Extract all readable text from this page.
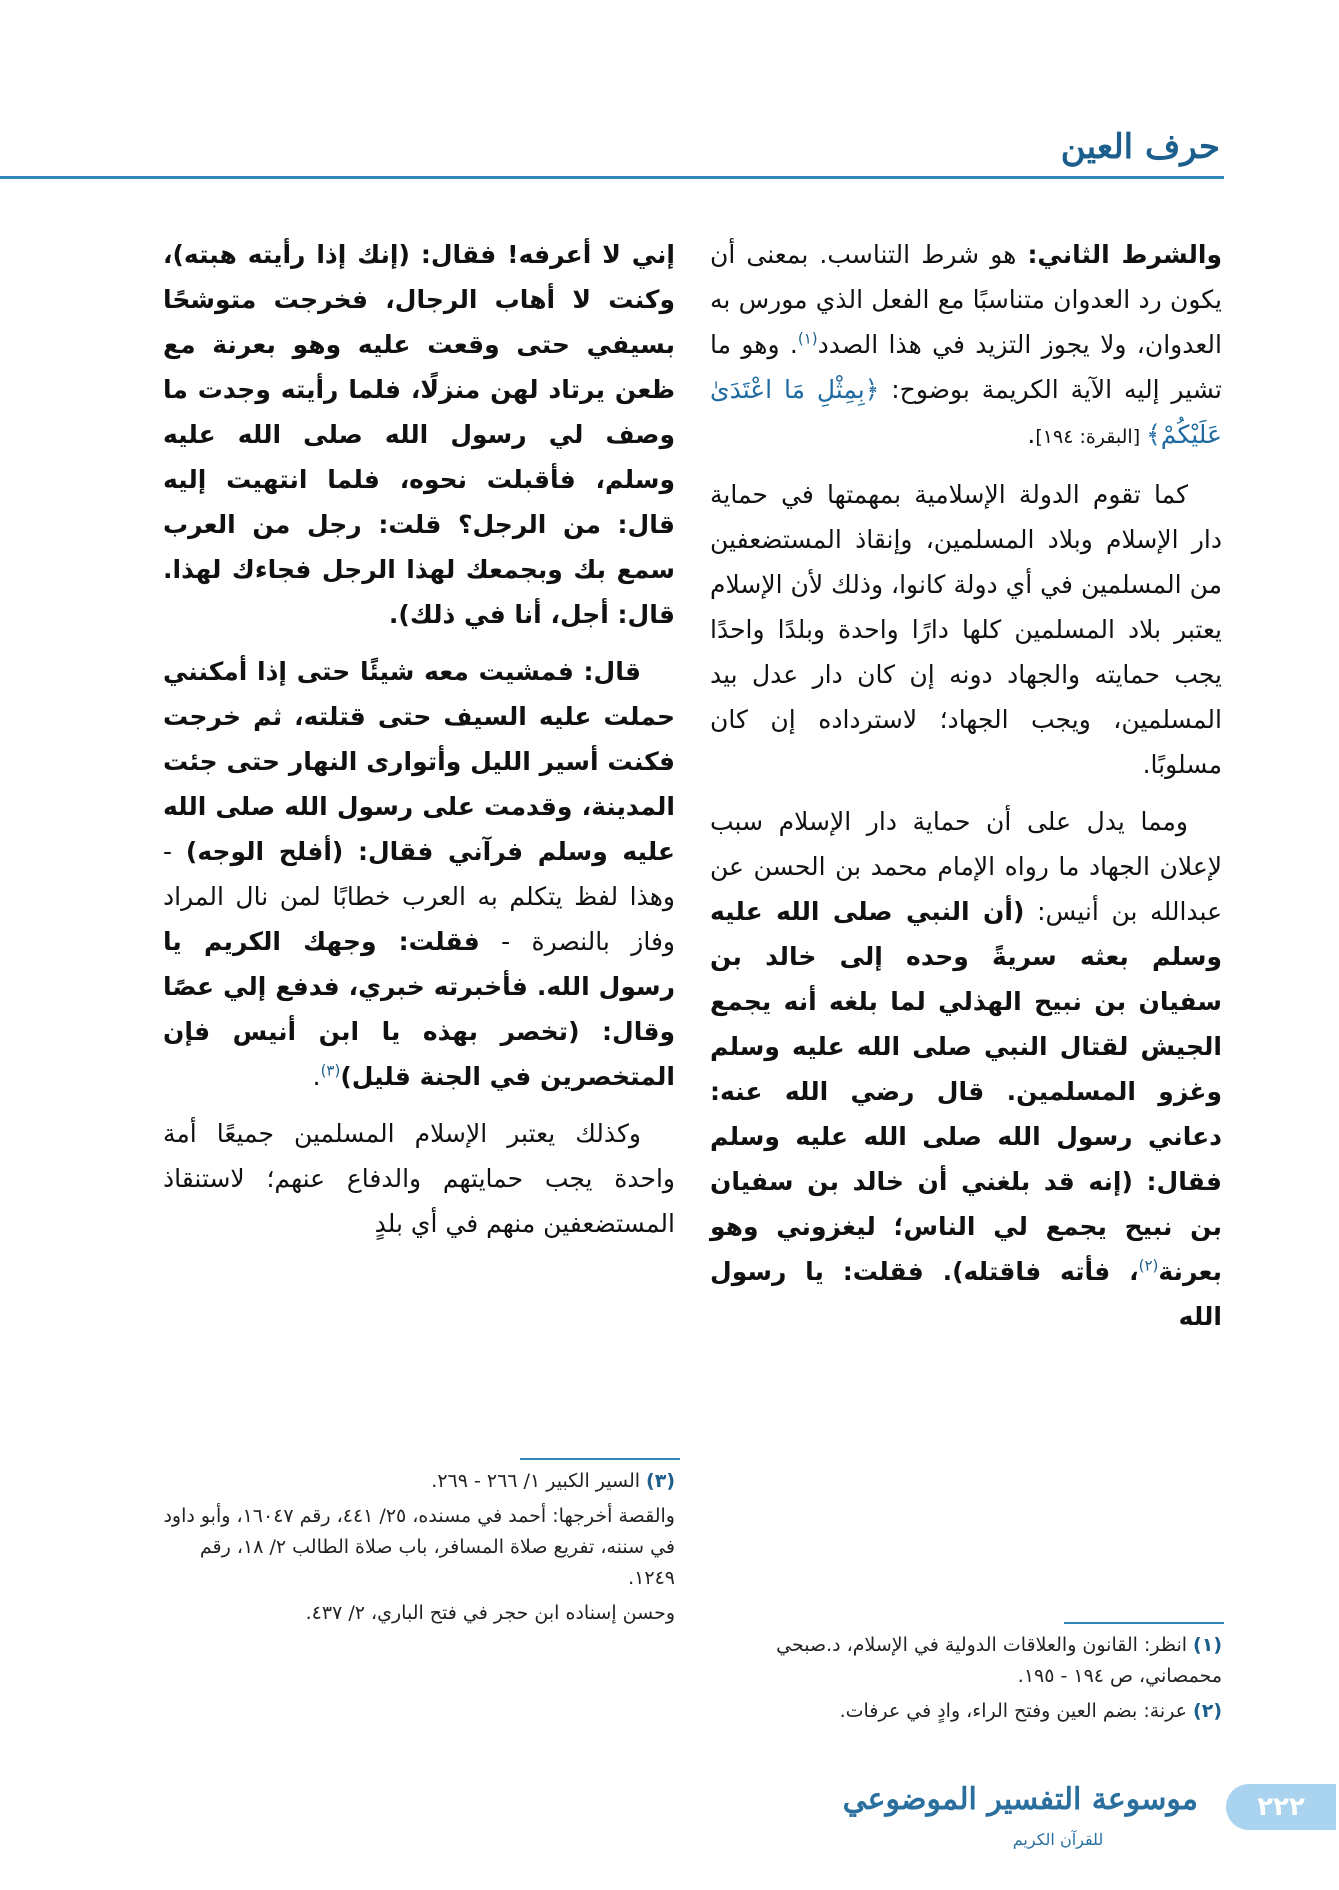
حرف العين

والشرط الثاني: هو شرط التناسب. بمعنى أن يكون رد العدوان متناسبًا مع الفعل الذي مورس به العدوان، ولا يجوز التزيد في هذا الصدد$^{(١)}$. وهو ما تشير إليه الآية الكريمة بوضوح: ﴿بِمِثْلِ مَا اعْتَدَىٰ عَلَيْكُمْ﴾ [البقرة: ١٩٤].

كما تقوم الدولة الإسلامية بمهمتها في حماية دار الإسلام وبلاد المسلمين، وإنقاذ المستضعفين من المسلمين في أي دولة كانوا، وذلك لأن الإسلام يعتبر بلاد المسلمين كلها دارًا واحدة وبلدًا واحدًا يجب حمايته والجهاد دونه إن كان دار عدل بيد المسلمين، ويجب الجهاد؛ لاسترداده إن كان مسلوبًا.

ومما يدل على أن حماية دار الإسلام سبب لإعلان الجهاد ما رواه الإمام محمد بن الحسن عن عبدالله بن أنيس: (أن النبي صلى الله عليه وسلم بعثه سريةً وحده إلى خالد بن سفيان بن نبيح الهذلي لما بلغه أنه يجمع الجيش لقتال النبي صلى الله عليه وسلم وغزو المسلمين. قال رضي الله عنه: دعاني رسول الله صلى الله عليه وسلم فقال: (إنه قد بلغني أن خالد بن سفيان بن نبيح يجمع لي الناس؛ ليغزوني وهو بعرنة$^{(٢)}$، فأته فاقتله). فقلت: يا رسول الله

إني لا أعرفه! فقال: (إنك إذا رأيته هبته)، وكنت لا أهاب الرجال، فخرجت متوشحًا بسيفي حتى وقعت عليه وهو بعرنة مع ظعن يرتاد لهن منزلًا، فلما رأيته وجدت ما وصف لي رسول الله صلى الله عليه وسلم، فأقبلت نحوه، فلما انتهيت إليه قال: من الرجل؟ قلت: رجل من العرب سمع بك وبجمعك لهذا الرجل فجاءك لهذا. قال: أجل، أنا في ذلك).

قال: فمشيت معه شيئًا حتى إذا أمكنني حملت عليه السيف حتى قتلته، ثم خرجت فكنت أسير الليل وأتوارى النهار حتى جئت المدينة، وقدمت على رسول الله صلى الله عليه وسلم فرآني فقال: (أفلح الوجه) - وهذا لفظ يتكلم به العرب خطابًا لمن نال المراد وفاز بالنصرة - فقلت: وجهك الكريم يا رسول الله. فأخبرته خبري، فدفع إلي عصًا وقال: (تخصر بهذه يا ابن أنيس فإن المتخصرين في الجنة قليل)$^{(٣)}$.

وكذلك يعتبر الإسلام المسلمين جميعًا أمة واحدة يجب حمايتهم والدفاع عنهم؛ لاستنقاذ المستضعفين منهم في أي بلدٍ

(٣)السير الكبير ١/ ٢٦٦ - ٢٦٩.
والقصة أخرجها: أحمد في مسنده، ٢٥/ ٤٤١، رقم ١٦٠٤٧، وأبو داود في سننه، تفريع صلاة المسافر، باب صلاة الطالب ٢/ ١٨، رقم ١٢٤٩.
وحسن إسناده ابن حجر في فتح الباري، ٢/ ٤٣٧.
(١)انظر: القانون والعلاقات الدولية في الإسلام، د.صبحي محمصاني، ص ١٩٤ - ١٩٥.
(٢)عرنة: بضم العين وفتح الراء، وادٍ في عرفات.
موسوعة التفسير الموضوعي
للقرآن الكريم
٢٢٢
